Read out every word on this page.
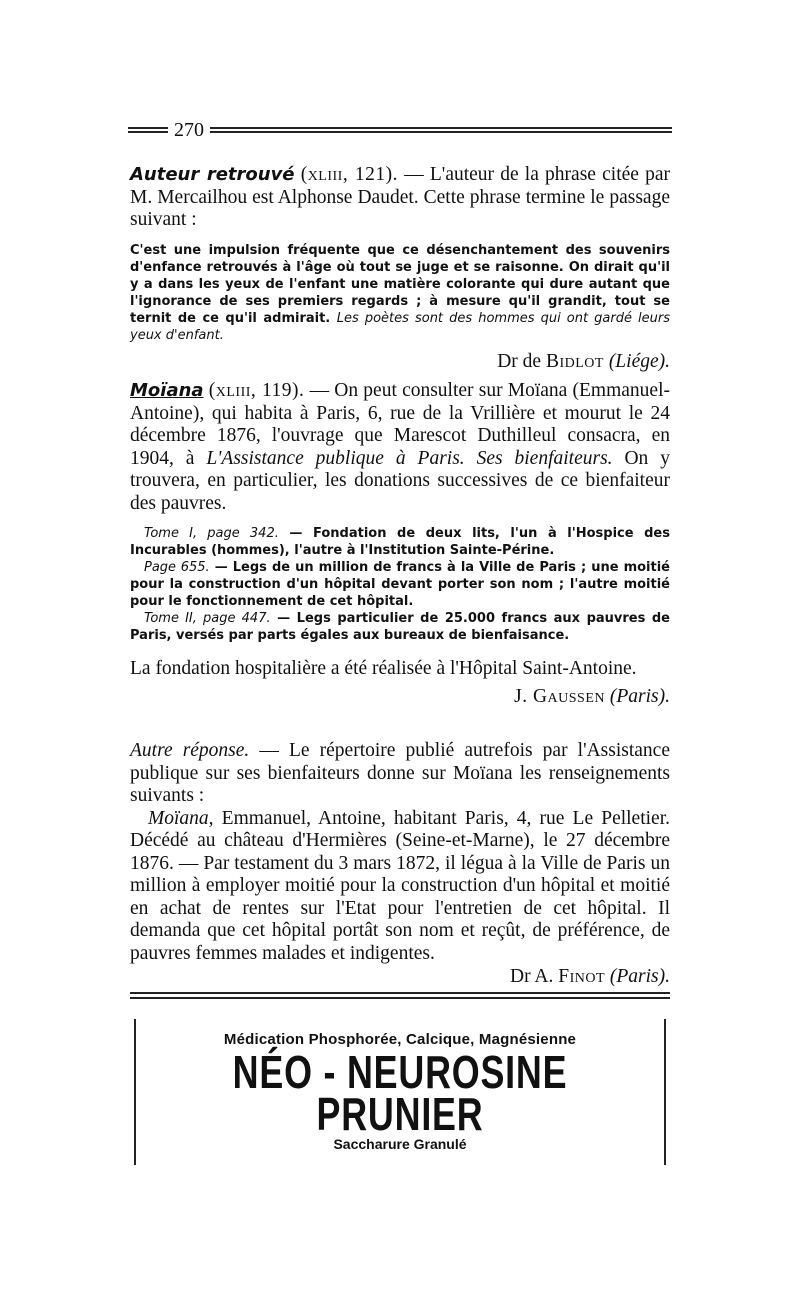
270

Auteur retrouvé (xliii, 121). — L'auteur de la phrase citée par M. Mercailhou est Alphonse Daudet. Cette phrase termine le passage suivant :

C'est une impulsion fréquente que ce désenchantement des souvenirs d'enfance retrouvés à l'âge où tout se juge et se raisonne. On dirait qu'il y a dans les yeux de l'enfant une matière colorante qui dure autant que l'ignorance de ses premiers regards ; à mesure qu'il grandit, tout se ternit de ce qu'il admirait. Les poètes sont des hommes qui ont gardé leurs yeux d'enfant.

Dr de Bidlot (Liége).

Moïana (xliii, 119). — On peut consulter sur Moïana (Emmanuel-Antoine), qui habita à Paris, 6, rue de la Vrillière et mourut le 24 décembre 1876, l'ouvrage que Marescot Duthilleul consacra, en 1904, à L'Assistance publique à Paris. Ses bienfaiteurs. On y trouvera, en particulier, les donations successives de ce bienfaiteur des pauvres.

Tome I, page 342. — Fondation de deux lits, l'un à l'Hospice des Incurables (hommes), l'autre à l'Institution Sainte-Périne.

Page 655. — Legs de un million de francs à la Ville de Paris ; une moitié pour la construction d'un hôpital devant porter son nom ; l'autre moitié pour le fonctionnement de cet hôpital.

Tome II, page 447. — Legs particulier de 25.000 francs aux pauvres de Paris, versés par parts égales aux bureaux de bienfaisance.

La fondation hospitalière a été réalisée à l'Hôpital Saint-Antoine.

J. Gaussen (Paris).

Autre réponse. — Le répertoire publié autrefois par l'Assistance publique sur ses bienfaiteurs donne sur Moïana les renseignements suivants :

Moïana, Emmanuel, Antoine, habitant Paris, 4, rue Le Pelletier. Décédé au château d'Hermières (Seine-et-Marne), le 27 décembre 1876. — Par testament du 3 mars 1872, il légua à la Ville de Paris un million à employer moitié pour la construction d'un hôpital et moitié en achat de rentes sur l'Etat pour l'entretien de cet hôpital. Il demanda que cet hôpital portât son nom et reçût, de préférence, de pauvres femmes malades et indigentes.

Dr A. Finot (Paris).

Médication Phosphorée, Calcique, Magnésienne
NÉO - NEUROSINE
PRUNIER
Saccharure Granulé
